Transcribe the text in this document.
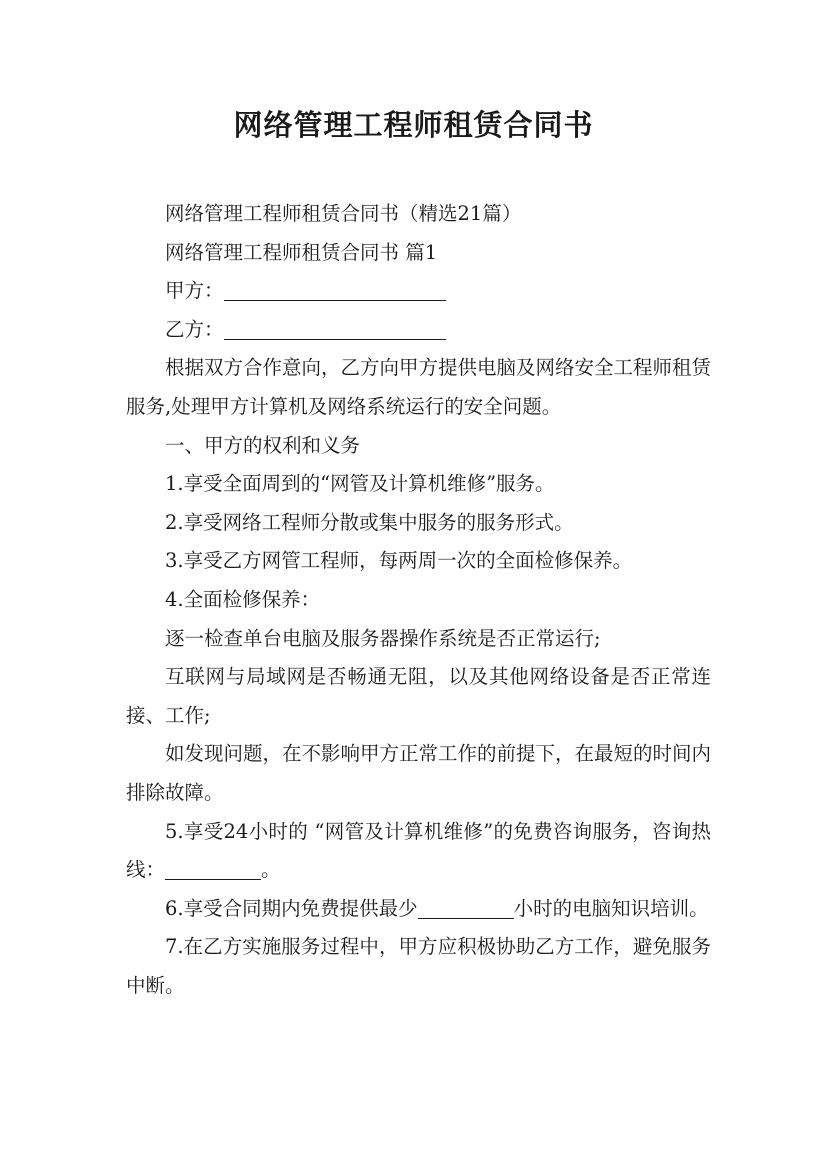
网络管理工程师租赁合同书

网络管理工程师租赁合同书（精选21篇）

网络管理工程师租赁合同书 篇1

甲方：

乙方：

根据双方合作意向，乙方向甲方提供电脑及网络安全工程师租赁服务,处理甲方计算机及网络系统运行的安全问题。

一、甲方的权利和义务

1.享受全面周到的“网管及计算机维修”服务。

2.享受网络工程师分散或集中服务的服务形式。

3.享受乙方网管工程师，每两周一次的全面检修保养。

4.全面检修保养：

逐一检查单台电脑及服务器操作系统是否正常运行;

互联网与局域网是否畅通无阻，以及其他网络设备是否正常连接、工作;

如发现问题，在不影响甲方正常工作的前提下，在最短的时间内排除故障。

5.享受24小时的 “网管及计算机维修”的免费咨询服务，咨询热线：	。

6.享受合同期内免费提供最少	小时的电脑知识培训。

7.在乙方实施服务过程中，甲方应积极协助乙方工作，避免服务中断。
